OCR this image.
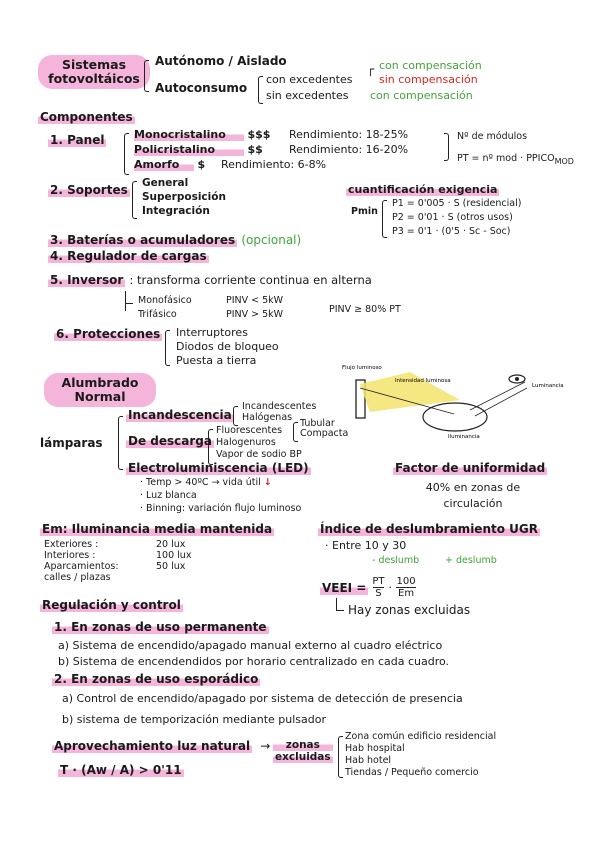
Sistemas
fotovoltáicos
Autónomo / Aislado
Autoconsumo
con excedentes
sin excedentes
┌ con compensación
sin compensación
con compensación
Componentes
1. Panel	Monocristalino $$$ Rendimiento: 18-25%
Policristalino	$$ Rendimiento: 16-20%
Amorfo $ Rendimiento: 6-8%
Nº de módulos
PT = nº mod · $PPICO_{MOD}$
2. Soportes General
Superposición
Integración
cuantificación exigencia
Pmin
P1 = 0'005 · S (residencial)
P2 = 0'01 · S (otros usos)
P3 = 0'1 · (0'5 · Sc - Soc)
3. Baterías o acumuladores (opcional)
4. Regulador de cargas
5. Inversor : transforma corriente continua en alterna
Monofásico	PINV < 5kW
Trifásico	PINV > 5kW	PINV ≥ 80% PT
6. Protecciones Interruptores
Diodos de bloqueo
Puesta a tierra
Alumbrado
Normal
Flujo luminoso
Intensidad luminosa
Luminancia
Iluminancia
lámparas
Incandescencia
Incandescentes
Halógenas
De descarga
Fluorescentes
Halogenuros
Vapor de sodio BP
Tubular
Compacta
Electroluminiscencia (LED)
· Temp > 40ºC → vida útil ↓
· Luz blanca
· Binning: variación flujo luminoso
Factor de uniformidad
40% en zonas de
circulación
Em: Iluminancia media mantenida
Exteriores :	20 lux
Interiores :	100 lux
Aparcamientos:	50 lux
calles / plazas
Índice de deslumbramiento UGR
· Entre 10 y 30
- deslumb	+ deslumb
VEEI = $\frac{PT}{S} \cdot 100$
Em
Hay zonas excluidas
Regulación y control
1. En zonas de uso permanente
a) Sistema de encendido/apagado manual externo al cuadro eléctrico
b) Sistema de encendendidos por horario centralizado en cada cuadro.
2. En zonas de uso esporádico
a) Control de encendido/apagado por sistema de detección de presencia
b) sistema de temporización mediante pulsador
Aprovechamiento luz natural →	zonas
excluidas
Zona común edificio residencial
Hab hospital
Hab hotel
Tiendas / Pequeño comercio
T · (Aw / A) > 0'11
